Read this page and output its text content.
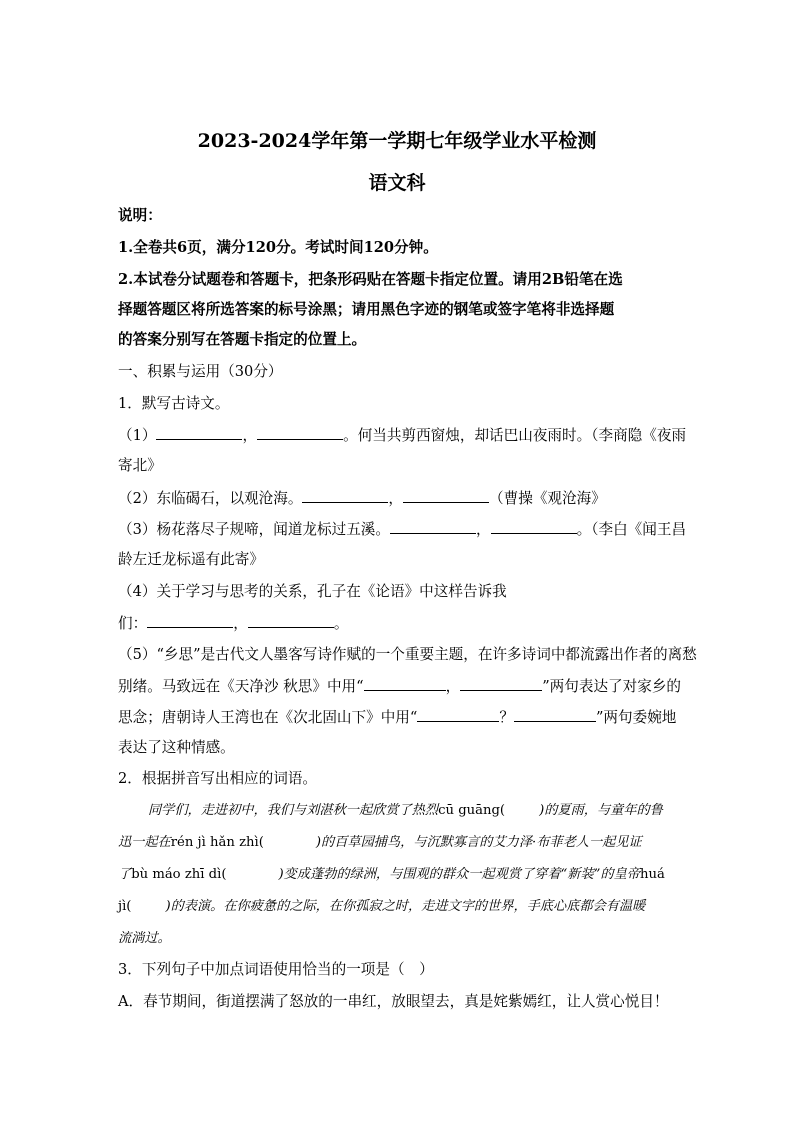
2023-2024学年第一学期七年级学业水平检测
语文科
说明：
1.全卷共6页，满分120分。考试时间120分钟。
2.本试卷分试题卷和答题卡，把条形码贴在答题卡指定位置。请用2B铅笔在选
择题答题区将所选答案的标号涂黑；请用黑色字迹的钢笔或签字笔将非选择题
的答案分别写在答题卡指定的位置上。
一、积累与运用（30分）
1．默写古诗文。
（1）	，	。何当共剪西窗烛，却话巴山夜雨时。（李商隐《夜雨
寄北》
（2）东临碣石，以观沧海。	，	（曹操《观沧海》
（3）杨花落尽子规啼，闻道龙标过五溪。	，	。（李白《闻王昌
龄左迁龙标遥有此寄》
（4）关于学习与思考的关系，孔子在《论语》中这样告诉我
们：	，	。
（5）“乡思”是古代文人墨客写诗作赋的一个重要主题，在许多诗词中都流露出作者的离愁
别绪。马致远在《天净沙 秋思》中用“	，	”两句表达了对家乡的
思念；唐朝诗人王湾也在《次北固山下》中用“	？	”两句委婉地
表达了这种情感。
2．根据拼音写出相应的词语。
同学们，走进初中，我们与刘湛秋一起欣赏了热烈cū guāng(	)的夏雨，与童年的鲁
迅一起在rén jì hǎn zhì(	)的百草园捕鸟，与沉默寡言的艾力泽·布菲老人一起见证
了bù máo zhī dì(	)变成蓬勃的绿洲，与围观的群众一起观赏了穿着“新装”的皇帝huá
jì(	)的表演。在你疲惫的之际，在你孤寂之时，走进文字的世界，手底心底都会有温暖
流淌过。
3．下列句子中加点词语使用恰当的一项是（　）
A．春节期间，街道摆满了怒放的一串红，放眼望去，真是姹紫嫣红，让人赏心悦目！
